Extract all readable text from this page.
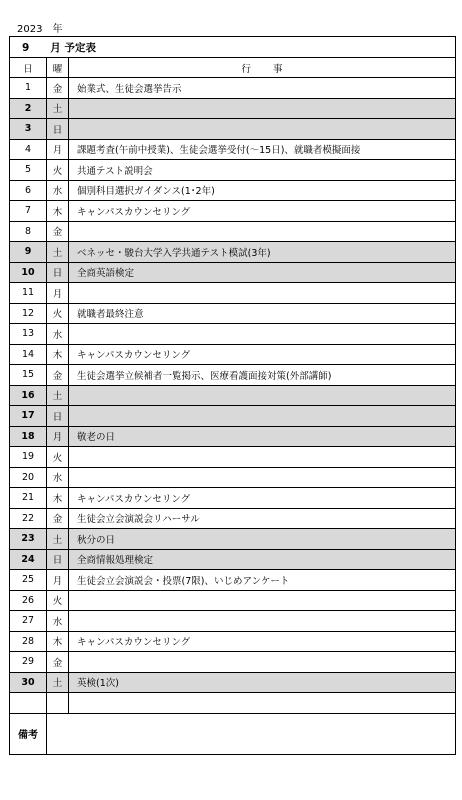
2023　年
9　　月 予定表		
日	曜	行事
1	金	始業式、生徒会選挙告示
2	土	
3	日	
4	月	課題考査(午前中授業)、生徒会選挙受付(～15日)、就職者模擬面接
5	火	共通テスト説明会
6	水	個別科目選択ガイダンス(1･2年)
7	木	キャンパスカウンセリング
8	金	
9	土	ベネッセ・駿台大学入学共通テスト模試(3年)
10	日	全商英語検定
11	月	
12	火	就職者最終注意
13	水	
14	木	キャンパスカウンセリング
15	金	生徒会選挙立候補者一覧掲示、医療看護面接対策(外部講師)
16	土	
17	日	
18	月	敬老の日
19	火	
20	水	
21	木	キャンパスカウンセリング
22	金	生徒会立会演説会リハーサル
23	土	秋分の日
24	日	全商情報処理検定
25	月	生徒会立会演説会・投票(7限)、いじめアンケート
26	火	
27	水	
28	木	キャンパスカウンセリング
29	金	
30	土	英検(1次)

備考		
